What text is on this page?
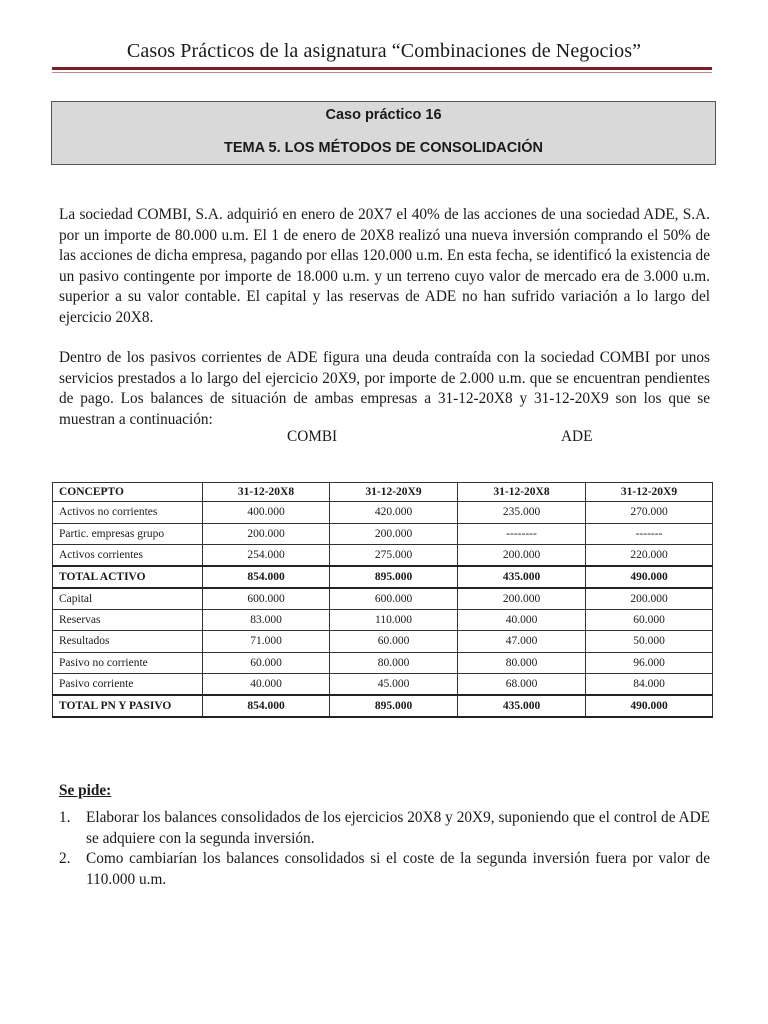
Casos Prácticos de la asignatura “Combinaciones de Negocios”
Caso práctico 16
TEMA 5. LOS MÉTODOS DE CONSOLIDACIÓN

La sociedad COMBI, S.A. adquirió en enero de 20X7 el 40% de las acciones de una sociedad ADE, S.A. por un importe de 80.000 u.m. El 1 de enero de 20X8 realizó una nueva inversión comprando el 50% de las acciones de dicha empresa, pagando por ellas 120.000 u.m. En esta fecha, se identificó la existencia de un pasivo contingente por importe de 18.000 u.m. y un terreno cuyo valor de mercado era de 3.000 u.m. superior a su valor contable. El capital y las reservas de ADE no han sufrido variación a lo largo del ejercicio 20X8.

Dentro de los pasivos corrientes de ADE figura una deuda contraída con la sociedad COMBI por unos servicios prestados a lo largo del ejercicio 20X9, por importe de 2.000 u.m. que se encuentran pendientes de pago. Los balances de situación de ambas empresas a 31-12-20X8 y 31-12-20X9 son los que se muestran a continuación:

COMBI	ADE
CONCEPTO	31-12-20X8	31-12-20X9	31-12-20X8	31-12-20X9
Activos no corrientes	400.000	420.000	235.000	270.000
Partic. empresas grupo	200.000	200.000	--------	-------
Activos corrientes	254.000	275.000	200.000	220.000
TOTAL ACTIVO	854.000	895.000	435.000	490.000
Capital	600.000	600.000	200.000	200.000
Reservas	83.000	110.000	40.000	60.000
Resultados	71.000	60.000	47.000	50.000
Pasivo no corriente	60.000	80.000	80.000	96.000
Pasivo corriente	40.000	45.000	68.000	84.000
TOTAL PN Y PASIVO	854.000	895.000	435.000	490.000
Se pide:
1. Elaborar los balances consolidados de los ejercicios 20X8 y 20X9, suponiendo que el control de ADE se adquiere con la segunda inversión.
2. Como cambiarían los balances consolidados si el coste de la segunda inversión fuera por valor de 110.000 u.m.
